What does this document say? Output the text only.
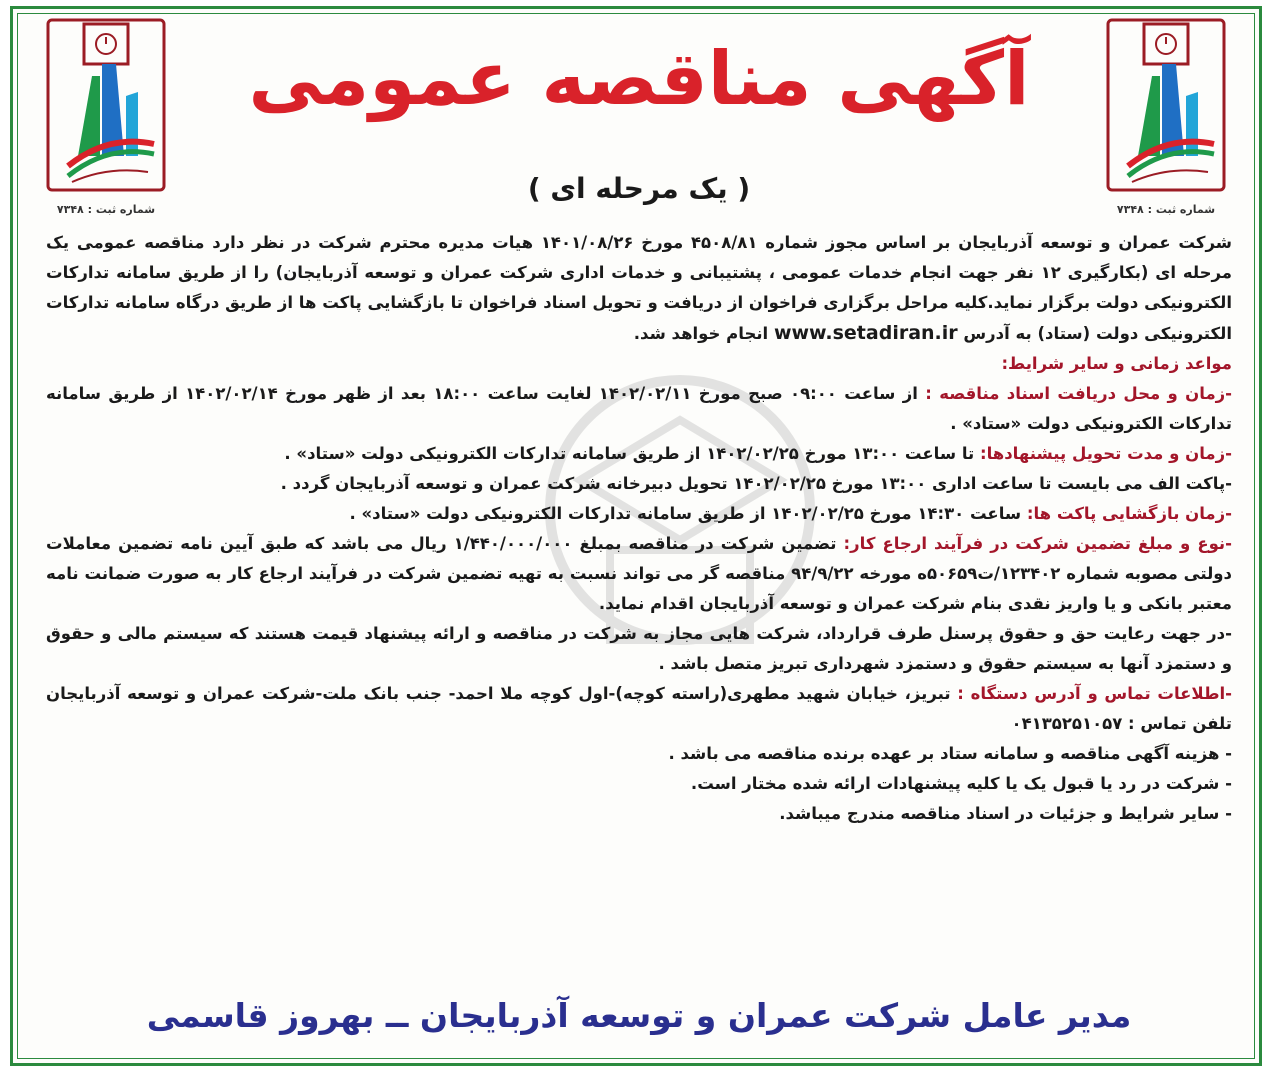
شماره ثبت : ۷۳۴۸
شماره ثبت : ۷۳۴۸
آگهی مناقصه عمومی
( یک مرحله ای )

شرکت عمران و توسعه آذربایجان بر اساس مجوز شماره ۴۵۰۸/۸۱ مورخ ۱۴۰۱/۰۸/۲۶ هیات مدیره محترم شرکت در نظر دارد مناقصه عمومی یک مرحله ای (بکارگیری ۱۲ نفر جهت انجام خدمات عمومی ، پشتیبانی و خدمات اداری شرکت عمران و توسعه آذربایجان) را از طریق سامانه تدارکات الکترونیکی دولت برگزار نماید.کلیه مراحل برگزاری فراخوان از دریافت و تحویل اسناد فراخوان تا بازگشایی پاکت ها از طریق درگاه سامانه تدارکات الکترونیکی دولت (ستاد) به آدرس www.setadiran.ir انجام خواهد شد.

مواعد زمانی و سایر شرایط:

-زمان و محل دریافت اسناد مناقصه : از ساعت ۰۹:۰۰ صبح مورخ ۱۴۰۲/۰۲/۱۱ لغایت ساعت ۱۸:۰۰ بعد از ظهر مورخ ۱۴۰۲/۰۲/۱۴ از طریق سامانه تدارکات الکترونیکی دولت «ستاد» .

-زمان و مدت تحویل پیشنهادها: تا ساعت ۱۳:۰۰ مورخ ۱۴۰۲/۰۲/۲۵ از طریق سامانه تدارکات الکترونیکی دولت «ستاد» .

-پاکت الف می بایست تا ساعت اداری ۱۳:۰۰ مورخ ۱۴۰۲/۰۲/۲۵ تحویل دبیرخانه شرکت عمران و توسعه آذربایجان گردد .

-زمان بازگشایی پاکت ها: ساعت ۱۴:۳۰ مورخ ۱۴۰۲/۰۲/۲۵ از طریق سامانه تدارکات الکترونیکی دولت «ستاد» .

-نوع و مبلغ تضمین شرکت در فرآیند ارجاع کار: تضمین شرکت در مناقصه بمبلغ ۱/۴۴۰/۰۰۰/۰۰۰ ریال می باشد که طبق آیین نامه تضمین معاملات دولتی مصوبه شماره ۱۲۳۴۰۲/ت۵۰۶۵۹ه مورخه ۹۴/۹/۲۲ مناقصه گر می تواند نسبت به تهیه تضمین شرکت در فرآیند ارجاع کار به صورت ضمانت نامه معتبر بانکی و یا واریز نقدی بنام شرکت عمران و توسعه آذربایجان اقدام نماید.

-در جهت رعایت حق و حقوق پرسنل طرف قرارداد، شرکت هایی مجاز به شرکت در مناقصه و ارائه پیشنهاد قیمت هستند که سیستم مالی و حقوق و دستمزد آنها به سیستم حقوق و دستمزد شهرداری تبریز متصل باشد .

-اطلاعات تماس و آدرس دستگاه : تبریز، خیابان شهید مطهری(راسته کوچه)-اول کوچه ملا احمد- جنب بانک ملت-شرکت عمران و توسعه آذربایجان تلفن تماس : ۰۴۱۳۵۲۵۱۰۵۷

- هزینه آگهی مناقصه و سامانه ستاد بر عهده برنده مناقصه می باشد .

- شرکت در رد یا قبول یک یا کلیه پیشنهادات ارائه شده مختار است.

- سایر شرایط و جزئیات در اسناد مناقصه مندرج میباشد.

مدیر عامل شرکت عمران و توسعه آذربایجان ــ بهروز قاسمی
